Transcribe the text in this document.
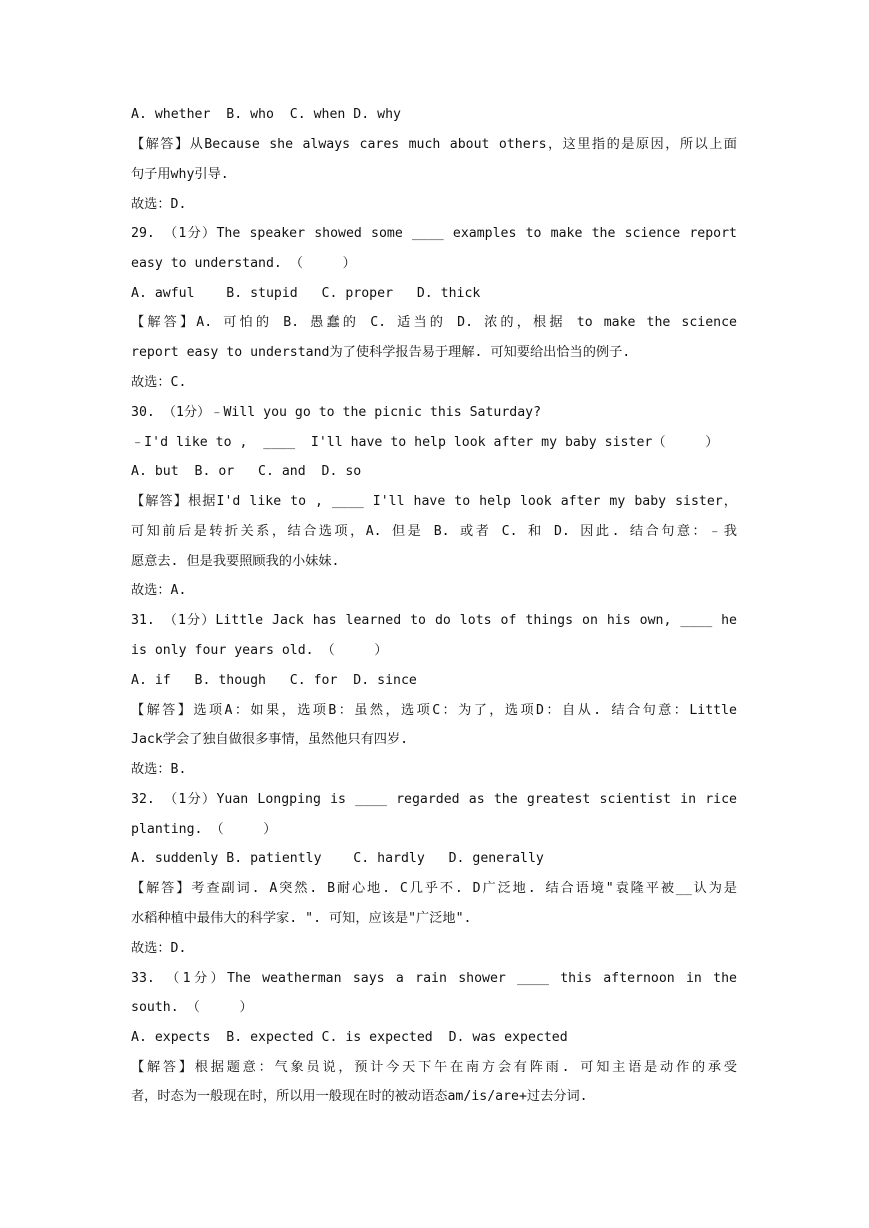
A. whether  B. who  C. when D. why
【解答】从Because she always cares much about others，这里指的是原因，所以上面
句子用why引导.
故选：D.
29. （1分）The speaker showed some ____ examples to make the science report
easy to understand. （     ）
A. awful    B. stupid   C. proper   D. thick
【解答】A. 可怕的 B. 愚蠢的 C. 适当的 D. 浓的，根据 to make the science
report easy to understand为了使科学报告易于理解. 可知要给出恰当的例子.
故选：C.
30. （1分）﹣Will you go to the picnic this Saturday?
﹣I'd like to ,  ____  I'll have to help look after my baby sister（     ）
A. but  B. or   C. and  D. so
【解答】根据I'd like to , ____ I'll have to help look after my baby sister，
可知前后是转折关系，结合选项，A. 但是 B. 或者 C. 和 D. 因此. 结合句意：﹣我
愿意去. 但是我要照顾我的小妹妹.
故选：A.
31. （1分）Little Jack has learned to do lots of things on his own, ____ he
is only four years old. （     ）
A. if   B. though   C. for  D. since
【解答】选项A：如果，选项B：虽然，选项C：为了，选项D：自从. 结合句意：Little
Jack学会了独自做很多事情，虽然他只有四岁.
故选：B.
32. （1分）Yuan Longping is ____ regarded as the greatest scientist in rice
planting. （     ）
A. suddenly B. patiently    C. hardly   D. generally
【解答】考查副词. A突然. B耐心地. C几乎不. D广泛地. 结合语境"袁隆平被__认为是
水稻种植中最伟大的科学家. ". 可知，应该是"广泛地".
故选：D.
33. （1分）The weatherman says a rain shower ____ this afternoon in the
south. （     ）
A. expects  B. expected C. is expected  D. was expected
【解答】根据题意：气象员说，预计今天下午在南方会有阵雨. 可知主语是动作的承受
者，时态为一般现在时，所以用一般现在时的被动语态am/is/are+过去分词.
